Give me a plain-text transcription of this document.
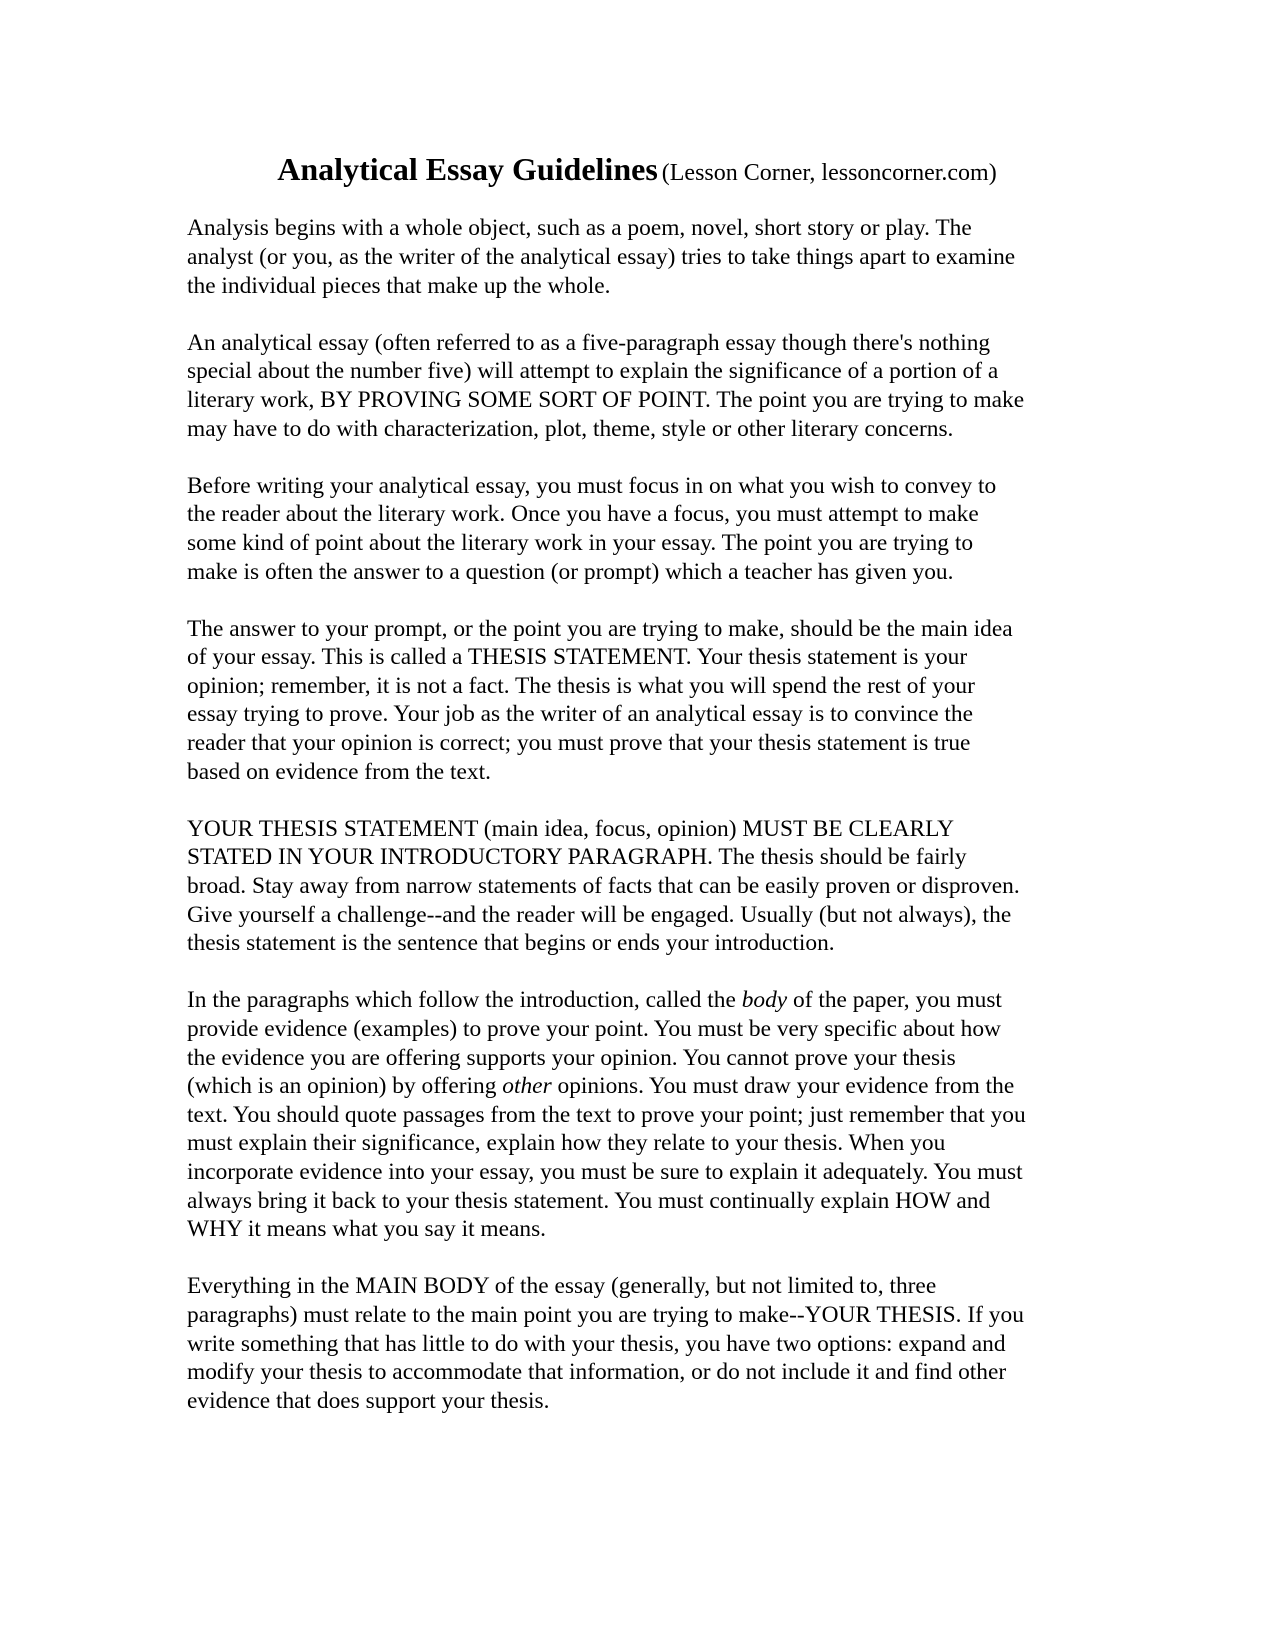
Analytical Essay Guidelines (Lesson Corner, lessoncorner.com)
Analysis begins with a whole object, such as a poem, novel, short story or play. The
analyst (or you, as the writer of the analytical essay) tries to take things apart to examine
the individual pieces that make up the whole.
An analytical essay (often referred to as a five-paragraph essay though there's nothing
special about the number five) will attempt to explain the significance of a portion of a
literary work, BY PROVING SOME SORT OF POINT. The point you are trying to make
may have to do with characterization, plot, theme, style or other literary concerns.
Before writing your analytical essay, you must focus in on what you wish to convey to
the reader about the literary work. Once you have a focus, you must attempt to make
some kind of point about the literary work in your essay. The point you are trying to
make is often the answer to a question (or prompt) which a teacher has given you.
The answer to your prompt, or the point you are trying to make, should be the main idea
of your essay. This is called a THESIS STATEMENT. Your thesis statement is your
opinion; remember, it is not a fact. The thesis is what you will spend the rest of your
essay trying to prove. Your job as the writer of an analytical essay is to convince the
reader that your opinion is correct; you must prove that your thesis statement is true
based on evidence from the text.
YOUR THESIS STATEMENT (main idea, focus, opinion) MUST BE CLEARLY
STATED IN YOUR INTRODUCTORY PARAGRAPH. The thesis should be fairly
broad. Stay away from narrow statements of facts that can be easily proven or disproven.
Give yourself a challenge--and the reader will be engaged. Usually (but not always), the
thesis statement is the sentence that begins or ends your introduction.
In the paragraphs which follow the introduction, called the body of the paper, you must
provide evidence (examples) to prove your point. You must be very specific about how
the evidence you are offering supports your opinion. You cannot prove your thesis
(which is an opinion) by offering other opinions. You must draw your evidence from the
text. You should quote passages from the text to prove your point; just remember that you
must explain their significance, explain how they relate to your thesis. When you
incorporate evidence into your essay, you must be sure to explain it adequately. You must
always bring it back to your thesis statement. You must continually explain HOW and
WHY it means what you say it means.
Everything in the MAIN BODY of the essay (generally, but not limited to, three
paragraphs) must relate to the main point you are trying to make--YOUR THESIS. If you
write something that has little to do with your thesis, you have two options: expand and
modify your thesis to accommodate that information, or do not include it and find other
evidence that does support your thesis.
